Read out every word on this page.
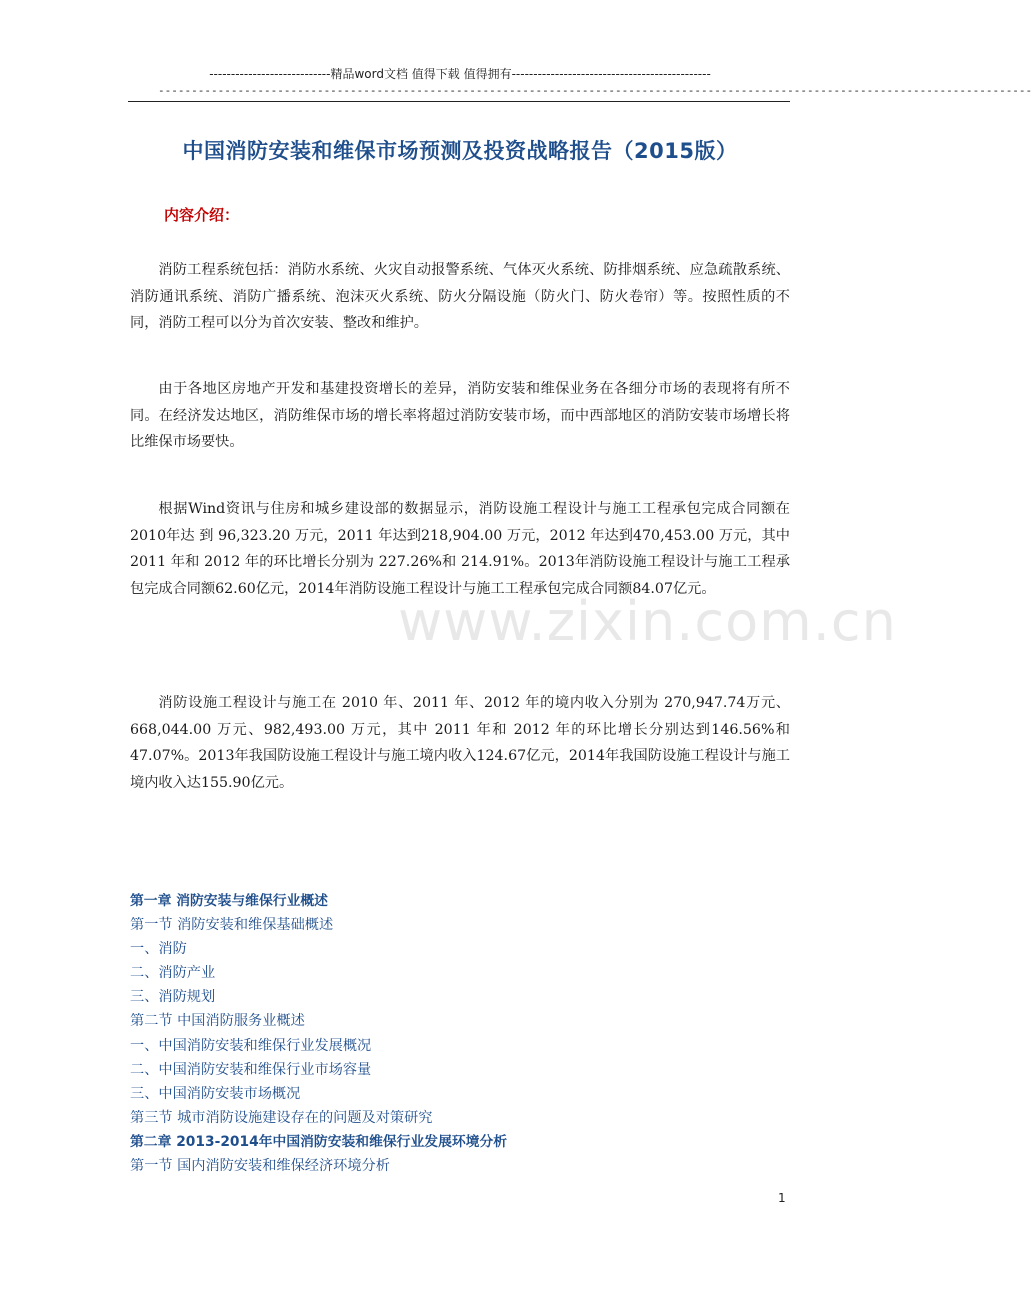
----------------------------精品word文档 值得下载 值得拥有----------------------------------------------
------------------------------------------------------------------------------------------------------------------------------------
中国消防安装和维保市场预测及投资战略报告（2015版）
内容介绍：

消防工程系统包括：消防水系统、火灾自动报警系统、气体灭火系统、防排烟系统、应急疏散系统、消防通讯系统、消防广播系统、泡沫灭火系统、防火分隔设施（防火门、防火卷帘）等。按照性质的不同，消防工程可以分为首次安装、整改和维护。

由于各地区房地产开发和基建投资增长的差异，消防安装和维保业务在各细分市场的表现将有所不同。在经济发达地区，消防维保市场的增长率将超过消防安装市场，而中西部地区的消防安装市场增长将比维保市场要快。

根据Wind资讯与住房和城乡建设部的数据显示，消防设施工程设计与施工工程承包完成合同额在 2010年达 到 96,323.20 万元，2011 年达到218,904.00 万元，2012 年达到470,453.00 万元，其中 2011 年和 2012 年的环比增长分别为 227.26%和 214.91%。2013年消防设施工程设计与施工工程承包完成合同额62.60亿元，2014年消防设施工程设计与施工工程承包完成合同额84.07亿元。

消防设施工程设计与施工在 2010 年、2011 年、2012 年的境内收入分别为 270,947.74万元、668,044.00 万元、982,493.00 万元，其中 2011 年和 2012 年的环比增长分别达到146.56%和47.07%。2013年我国防设施工程设计与施工境内收入124.67亿元，2014年我国防设施工程设计与施工境内收入达155.90亿元。

www.zixin.com.cn
第一章 消防安装与维保行业概述
第一节 消防安装和维保基础概述
一、消防
二、消防产业
三、消防规划
第二节 中国消防服务业概述
一、中国消防安装和维保行业发展概况
二、中国消防安装和维保行业市场容量
三、中国消防安装市场概况
第三节 城市消防设施建设存在的问题及对策研究
第二章 2013-2014年中国消防安装和维保行业发展环境分析
第一节 国内消防安装和维保经济环境分析
1
